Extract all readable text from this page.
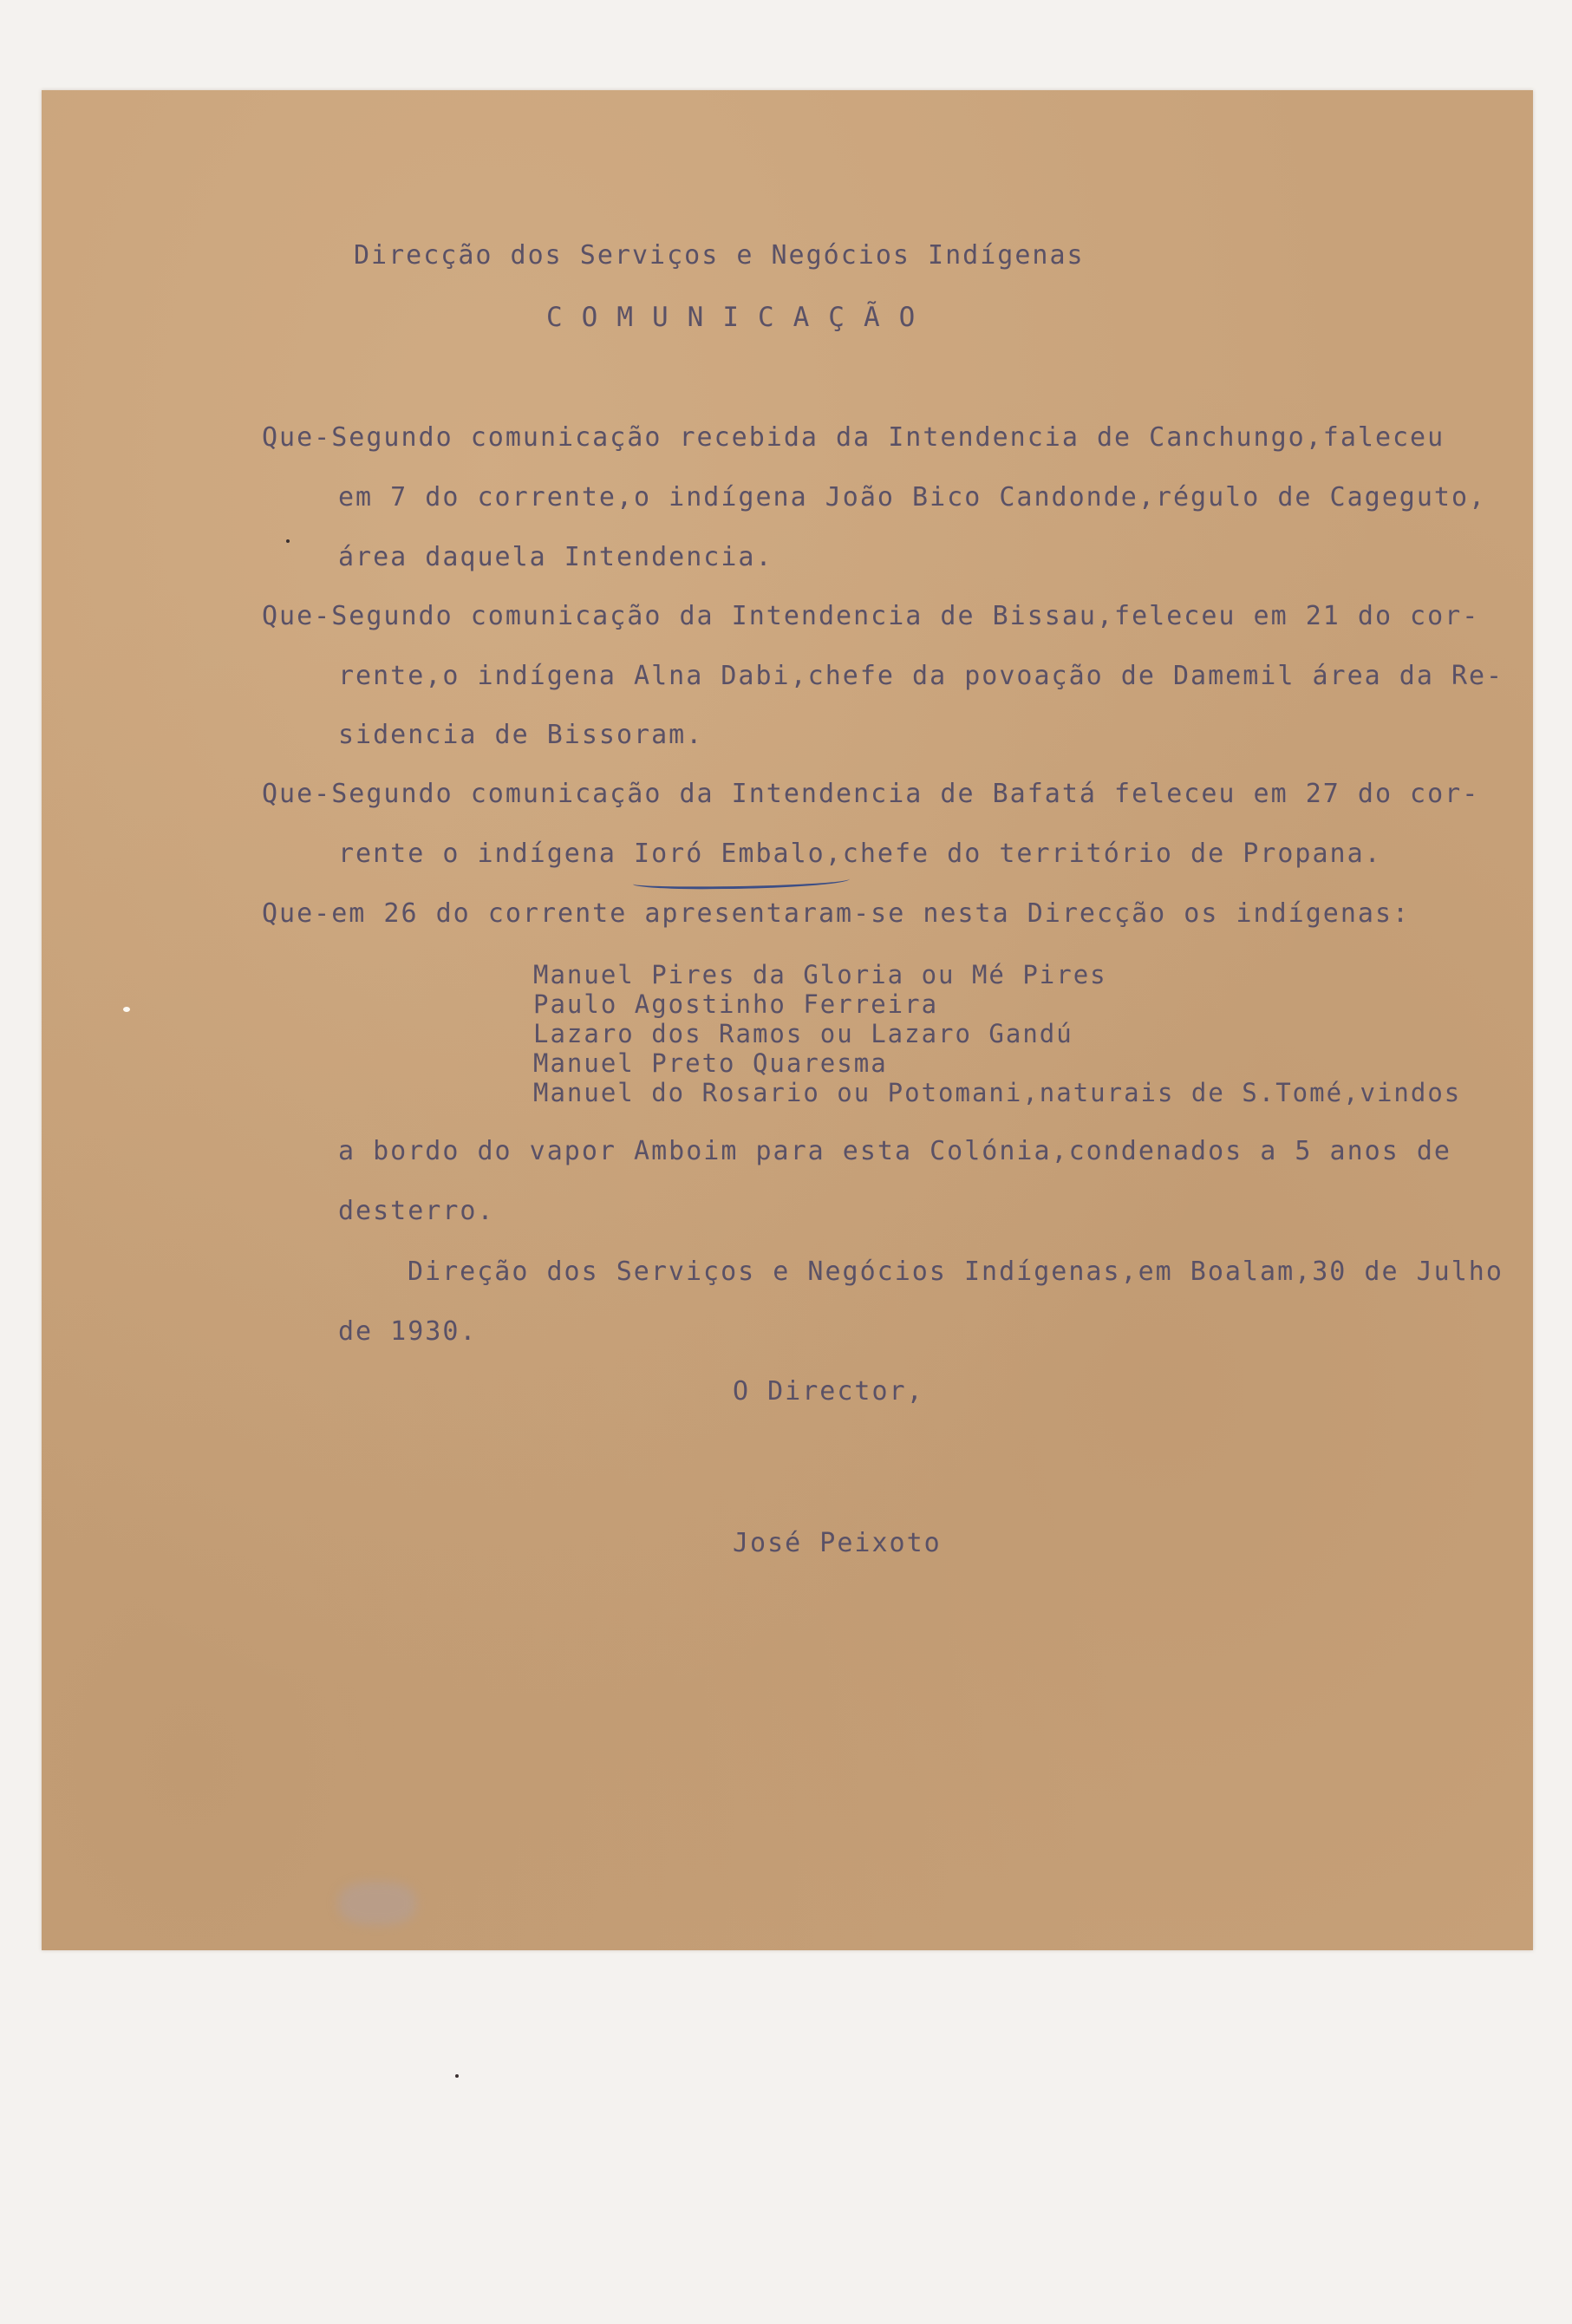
Direcção dos Serviços e Negócios Indígenas
COMUNICAÇÃO
Que-Segundo comunicação recebida da Intendencia de Canchungo,faleceu
em 7 do corrente,o indígena João Bico Candonde,régulo de Cageguto,
área daquela Intendencia.
Que-Segundo comunicação da Intendencia de Bissau,feleceu em 21 do cor-
rente,o indígena Alna Dabi,chefe da povoação de Damemil área da Re-
sidencia de Bissoram.
Que-Segundo comunicação da Intendencia de Bafatá feleceu em 27 do cor-
rente o indígena Ioró Embalo,chefe do território de Propana.
Que-em 26 do corrente apresentaram-se nesta Direcção os indígenas:
Manuel Pires da Gloria ou Mé Pires
Paulo Agostinho Ferreira
Lazaro dos Ramos ou Lazaro Gandú
Manuel Preto Quaresma
Manuel do Rosario ou Potomani,naturais de S.Tomé,vindos
a bordo do vapor Amboim para esta Colónia,condenados a 5 anos de
desterro.
Direção dos Serviços e Negócios Indígenas,em Boalam,30 de Julho
de 1930.
O Director,
José Peixoto
